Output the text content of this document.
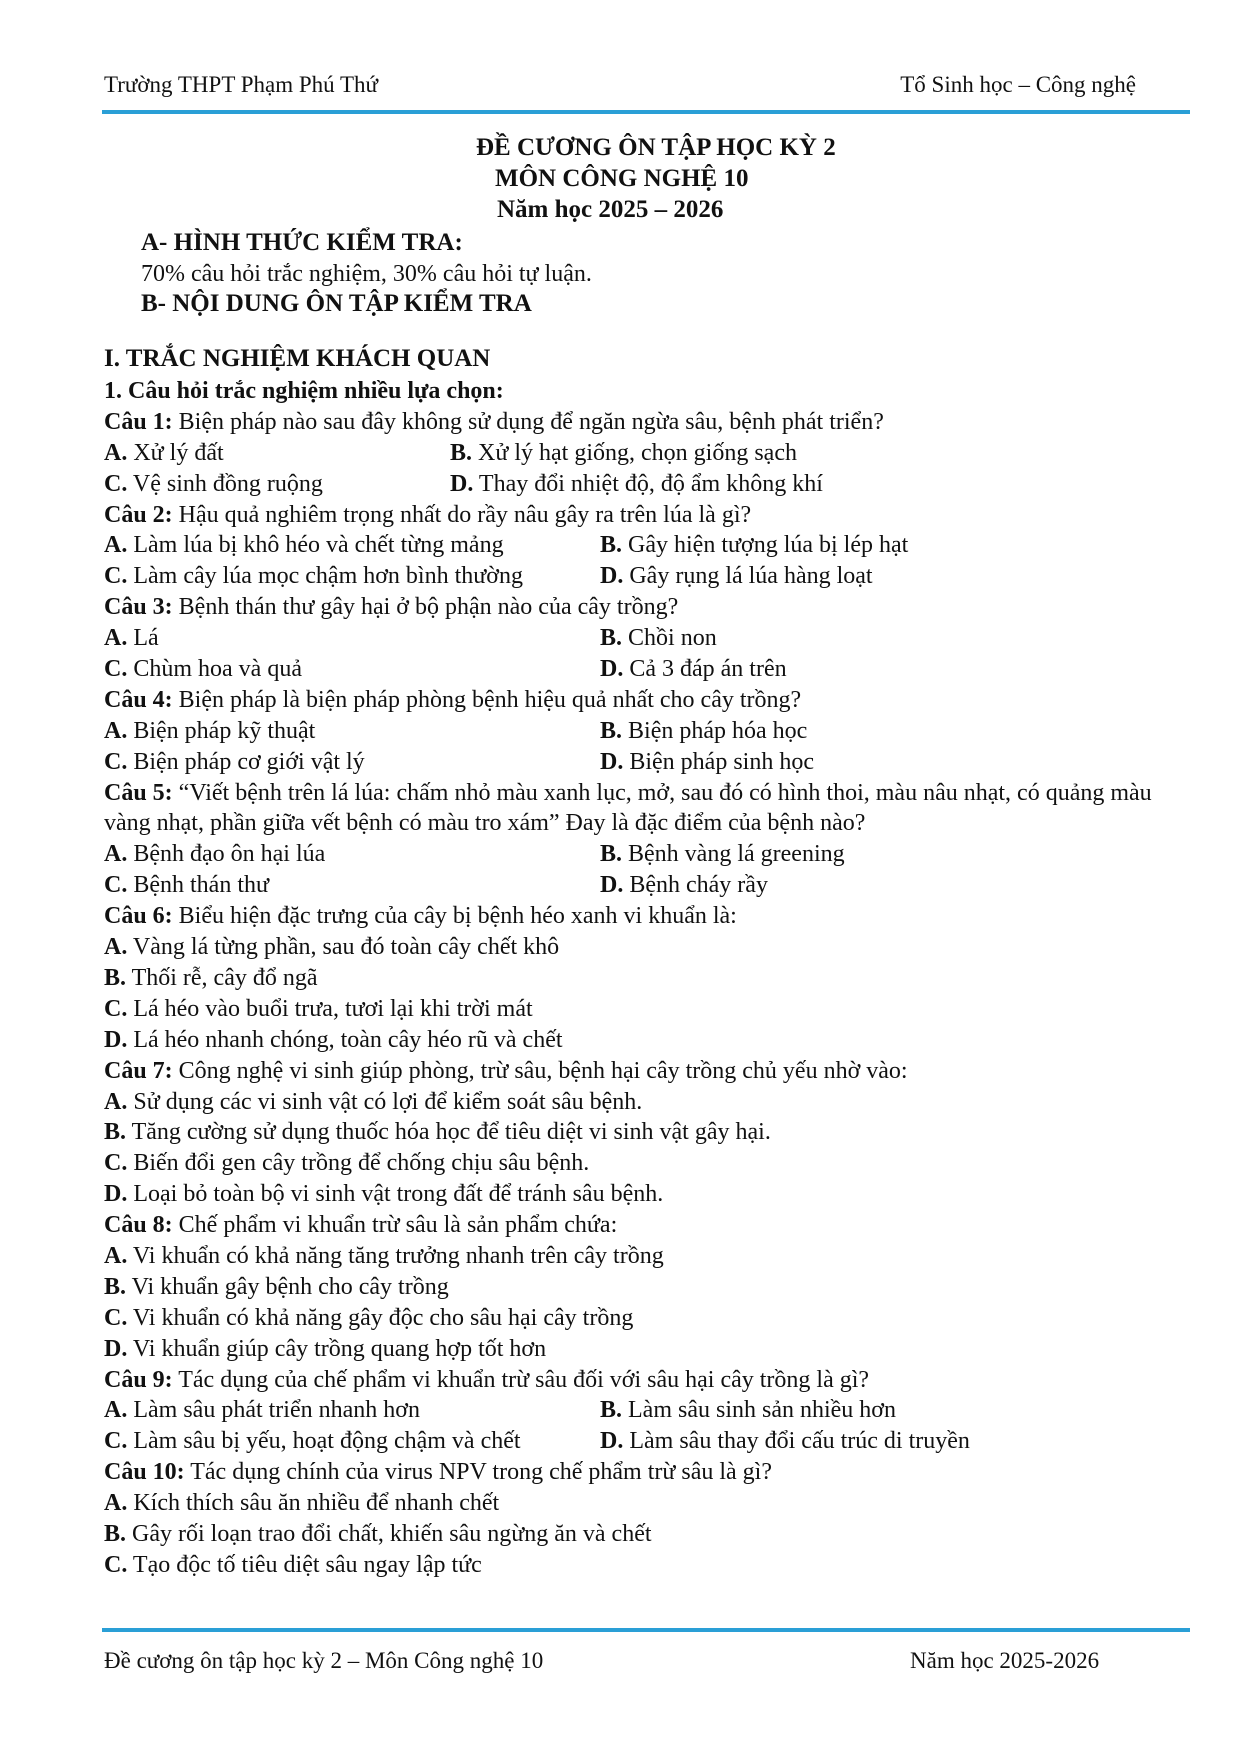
Trường THPT Phạm Phú Thứ	Tổ Sinh học – Công nghệ
ĐỀ CƯƠNG ÔN TẬP HỌC KỲ 2
MÔN CÔNG NGHỆ 10
Năm học 2025 – 2026
A- HÌNH THỨC KIỂM TRA:
70% câu hỏi trắc nghiệm, 30% câu hỏi tự luận.
B- NỘI DUNG ÔN TẬP KIỂM TRA
I. TRẮC NGHIỆM KHÁCH QUAN
1. Câu hỏi trắc nghiệm nhiều lựa chọn:
Câu 1: Biện pháp nào sau đây không sử dụng để ngăn ngừa sâu, bệnh phát triển?
A. Xử lý đất	B. Xử lý hạt giống, chọn giống sạch
C. Vệ sinh đồng ruộng	D. Thay đổi nhiệt độ, độ ẩm không khí
Câu 2: Hậu quả nghiêm trọng nhất do rầy nâu gây ra trên lúa là gì?
A. Làm lúa bị khô héo và chết từng mảng	B. Gây hiện tượng lúa bị lép hạt
C. Làm cây lúa mọc chậm hơn bình thường	D. Gây rụng lá lúa hàng loạt
Câu 3: Bệnh thán thư gây hại ở bộ phận nào của cây trồng?
A. Lá	B. Chồi non
C. Chùm hoa và quả	D. Cả 3 đáp án trên
Câu 4: Biện pháp là biện pháp phòng bệnh hiệu quả nhất cho cây trồng?
A. Biện pháp kỹ thuật	B. Biện pháp hóa học
C. Biện pháp cơ giới vật lý	D. Biện pháp sinh học
Câu 5: “Viết bệnh trên lá lúa: chấm nhỏ màu xanh lục, mở, sau đó có hình thoi, màu nâu nhạt, có quảng màu vàng nhạt, phần giữa vết bệnh có màu tro xám” Đay là đặc điểm của bệnh nào?
A. Bệnh đạo ôn hại lúa	B. Bệnh vàng lá greening
C. Bệnh thán thư	D. Bệnh cháy rầy
Câu 6: Biểu hiện đặc trưng của cây bị bệnh héo xanh vi khuẩn là:
A. Vàng lá từng phần, sau đó toàn cây chết khô
B. Thối rễ, cây đổ ngã
C. Lá héo vào buổi trưa, tươi lại khi trời mát
D. Lá héo nhanh chóng, toàn cây héo rũ và chết
Câu 7: Công nghệ vi sinh giúp phòng, trừ sâu, bệnh hại cây trồng chủ yếu nhờ vào:
A. Sử dụng các vi sinh vật có lợi để kiểm soát sâu bệnh.
B. Tăng cường sử dụng thuốc hóa học để tiêu diệt vi sinh vật gây hại.
C. Biến đổi gen cây trồng để chống chịu sâu bệnh.
D. Loại bỏ toàn bộ vi sinh vật trong đất để tránh sâu bệnh.
Câu 8: Chế phẩm vi khuẩn trừ sâu là sản phẩm chứa:
A. Vi khuẩn có khả năng tăng trưởng nhanh trên cây trồng
B. Vi khuẩn gây bệnh cho cây trồng
C. Vi khuẩn có khả năng gây độc cho sâu hại cây trồng
D. Vi khuẩn giúp cây trồng quang hợp tốt hơn
Câu 9: Tác dụng của chế phẩm vi khuẩn trừ sâu đối với sâu hại cây trồng là gì?
A. Làm sâu phát triển nhanh hơn	B. Làm sâu sinh sản nhiều hơn
C. Làm sâu bị yếu, hoạt động chậm và chết	D. Làm sâu thay đổi cấu trúc di truyền
Câu 10: Tác dụng chính của virus NPV trong chế phẩm trừ sâu là gì?
A. Kích thích sâu ăn nhiều để nhanh chết
B. Gây rối loạn trao đổi chất, khiến sâu ngừng ăn và chết
C. Tạo độc tố tiêu diệt sâu ngay lập tức
Đề cương ôn tập học kỳ 2 – Môn Công nghệ 10	Năm học 2025-2026
